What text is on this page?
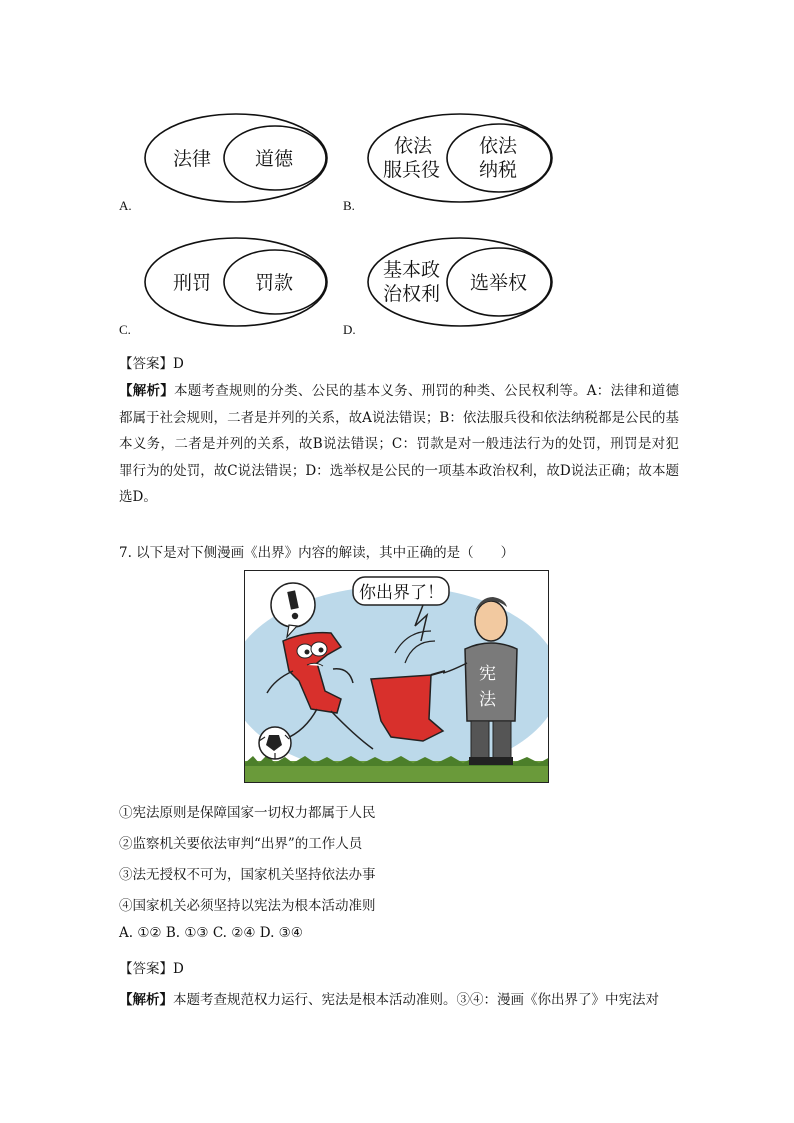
法律 道德
A.
依法
服兵役
依法
纳税
B.
刑罚 罚款
C.
基本政
治权利 选举权
D.
【答案】D
【解析】本题考查规则的分类、公民的基本义务、刑罚的种类、公民权利等。A：法律和道德都属于社会规则，二者是并列的关系，故A说法错误；B：依法服兵役和依法纳税都是公民的基本义务，二者是并列的关系，故B说法错误；C：罚款是对一般违法行为的处罚，刑罚是对犯罪行为的处罚，故C说法错误；D：选举权是公民的一项基本政治权利，故D说法正确；故本题选D。
7. 以下是对下侧漫画《出界》内容的解读，其中正确的是（　　）
你出界了！
宪
法
①宪法原则是保障国家一切权力都属于人民
②监察机关要依法审判“出界”的工作人员
③法无授权不可为，国家机关坚持依法办事
④国家机关必须坚持以宪法为根本活动准则
A. ①② B. ①③ C. ②④ D. ③④
【答案】D
【解析】本题考查规范权力运行、宪法是根本活动准则。③④：漫画《你出界了》中宪法对
